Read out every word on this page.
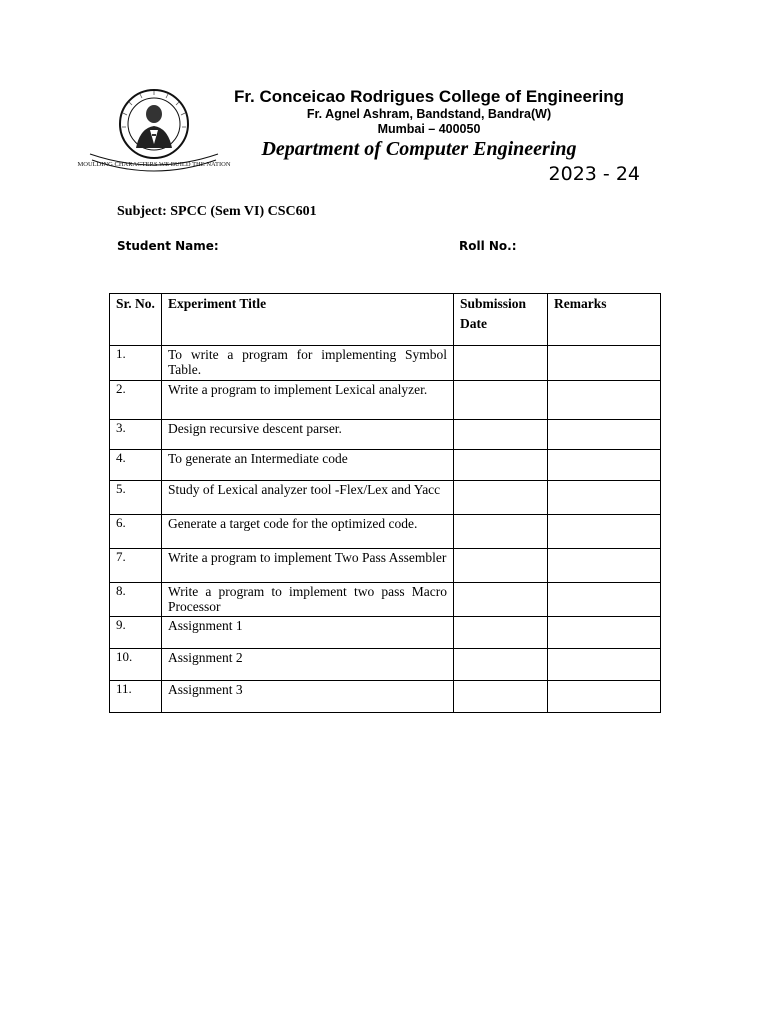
MOULDING CHARACTERS WE BUILD THE NATION
Fr. Conceicao Rodrigues College of Engineering
Fr. Agnel Ashram, Bandstand, Bandra(W)
Mumbai – 400050
Department of Computer Engineering
2023 - 24
Subject: SPCC (Sem VI) CSC601
Student Name:	Roll No.:
Sr. No.	Experiment Title	Submission Date	Remarks
1.	To write a program for implementing Symbol Table.		
2.	Write a program to implement Lexical analyzer.		
3.	Design recursive descent parser.		
4.	To generate an Intermediate code		
5.	Study of Lexical analyzer tool -Flex/Lex and Yacc		
6.	Generate a target code for the optimized code.		
7.	Write a program to implement Two Pass Assembler		
8.	Write a program to implement two pass Macro Processor		
9.	Assignment 1		
10.	Assignment 2		
11.	Assignment 3		
